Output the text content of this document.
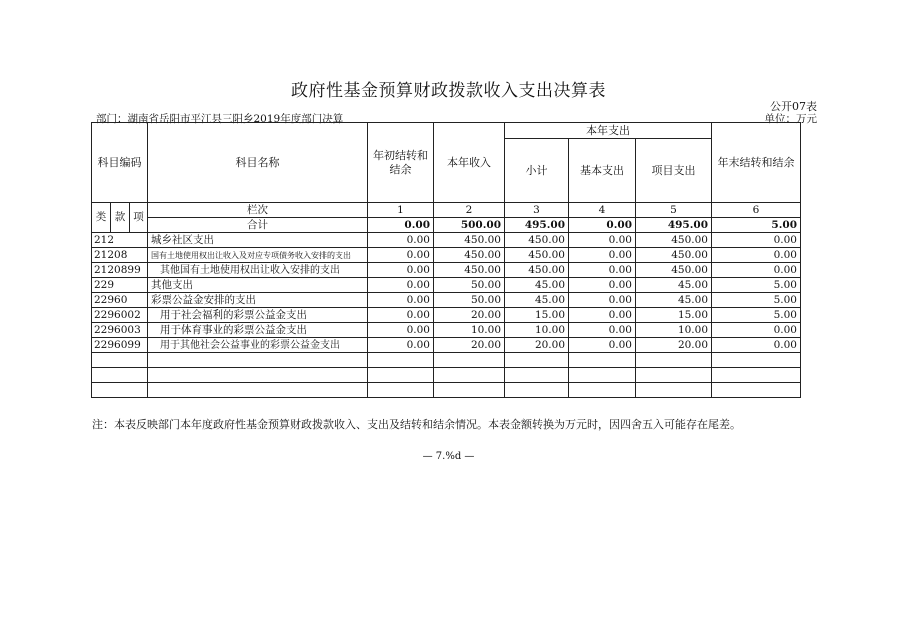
政府性基金预算财政拨款收入支出决算表
公开07表
部门：湖南省岳阳市平江县三阳乡2019年度部门决算	单位：万元
科目编码			科目名称	年初结转和结余	本年收入	本年支出			年末结转和结余
						小计	基本支出	项目支出	

类	款	项	栏次	1	2	3	4	5	6
			合计	0.00	500.00	495.00	0.00	495.00	5.00
212			城乡社区支出	0.00	450.00	450.00	0.00	450.00	0.00
21208			国有土地使用权出让收入及对应专项债务收入安排的支出	0.00	450.00	450.00	0.00	450.00	0.00
2120899			其他国有土地使用权出让收入安排的支出	0.00	450.00	450.00	0.00	450.00	0.00
229			其他支出	0.00	50.00	45.00	0.00	45.00	5.00
22960			彩票公益金安排的支出	0.00	50.00	45.00	0.00	45.00	5.00
2296002			用于社会福利的彩票公益金支出	0.00	20.00	15.00	0.00	15.00	5.00
2296003			用于体育事业的彩票公益金支出	0.00	10.00	10.00	0.00	10.00	0.00
2296099			用于其他社会公益事业的彩票公益金支出	0.00	20.00	20.00	0.00	20.00	0.00

注：本表反映部门本年度政府性基金预算财政拨款收入、支出及结转和结余情况。本表金额转换为万元时，因四舍五入可能存在尾差。
— 7.%d —
